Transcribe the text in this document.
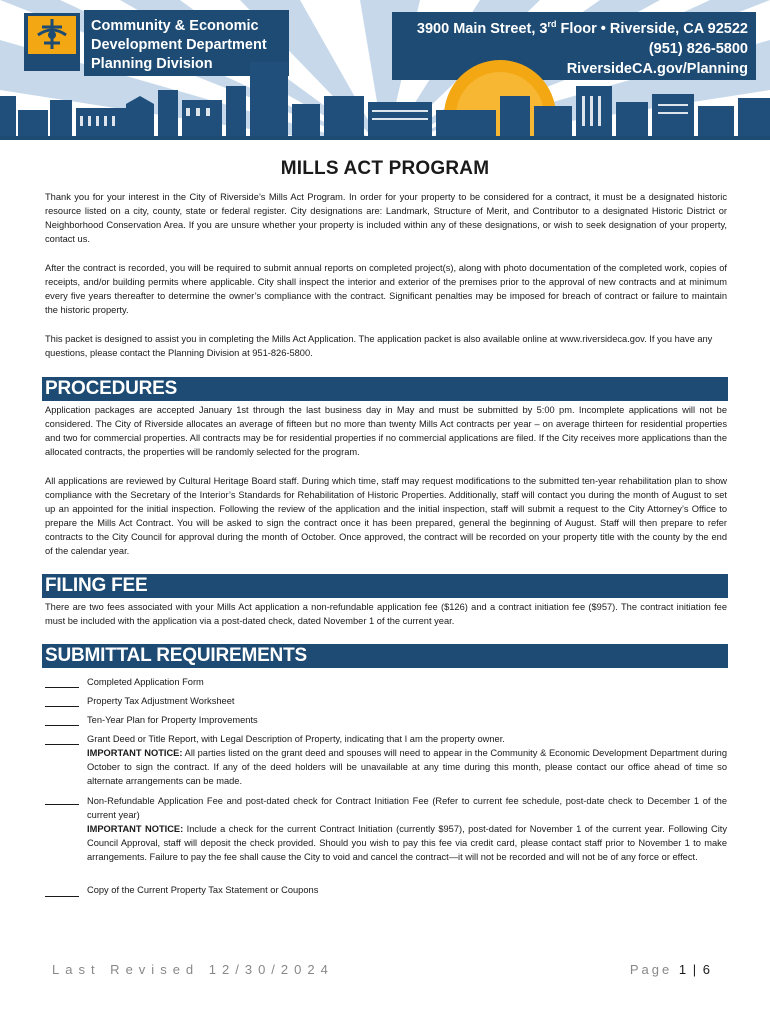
Community & Economic
Development Department
Planning Division
3900 Main Street, 3rd Floor • Riverside, CA 92522
(951) 826-5800
RiversideCA.gov/Planning
MILLS ACT PROGRAM
Thank you for your interest in the City of Riverside’s Mills Act Program. In order for your property to be considered for a contract, it must be a designated historic resource listed on a city, county, state or federal register. City designations are: Landmark, Structure of Merit, and Contributor to a designated Historic District or Neighborhood Conservation Area. If you are unsure whether your property is included within any of these designations, or wish to seek designation of your property, contact us.
After the contract is recorded, you will be required to submit annual reports on completed project(s), along with photo documentation of the completed work, copies of receipts, and/or building permits where applicable. City shall inspect the interior and exterior of the premises prior to the approval of new contracts and at minimum every five years thereafter to determine the owner’s compliance with the contract. Significant penalties may be imposed for breach of contract or failure to maintain the historic property.
This packet is designed to assist you in completing the Mills Act Application. The application packet is also available online at www.riversideca.gov. If you have any questions, please contact the Planning Division at 951-826-5800.
PROCEDURES
Application packages are accepted January 1st through the last business day in May and must be submitted by 5:00 pm. Incomplete applications will not be considered. The City of Riverside allocates an average of fifteen but no more than twenty Mills Act contracts per year – on average thirteen for residential properties and two for commercial properties. All contracts may be for residential properties if no commercial applications are filed. If the City receives more applications than the allocated contracts, the properties will be randomly selected for the program.
All applications are reviewed by Cultural Heritage Board staff. During which time, staff may request modifications to the submitted ten-year rehabilitation plan to show compliance with the Secretary of the Interior’s Standards for Rehabilitation of Historic Properties. Additionally, staff will contact you during the month of August to set up an appointed for the initial inspection. Following the review of the application and the initial inspection, staff will submit a request to the City Attorney’s Office to prepare the Mills Act Contract. You will be asked to sign the contract once it has been prepared, general the beginning of August. Staff will then prepare to refer contracts to the City Council for approval during the month of October. Once approved, the contract will be recorded on your property title with the county by the end of the calendar year.
FILING FEE
There are two fees associated with your Mills Act application a non-refundable application fee ($126) and a contract initiation fee ($957). The contract initiation fee must be included with the application via a post-dated check, dated November 1 of the current year.
SUBMITTAL REQUIREMENTS
Completed Application Form
Property Tax Adjustment Worksheet
Ten-Year Plan for Property Improvements
Grant Deed or Title Report, with Legal Description of Property, indicating that I am the property owner.
IMPORTANT NOTICE: All parties listed on the grant deed and spouses will need to appear in the Community & Economic Development Department during October to sign the contract. If any of the deed holders will be unavailable at any time during this month, please contact our office ahead of time so alternate arrangements can be made.
Non-Refundable Application Fee and post-dated check for Contract Initiation Fee (Refer to current fee schedule, post-date check to December 1 of the current year)
IMPORTANT NOTICE: Include a check for the current Contract Initiation (currently $957), post-dated for November 1 of the current year. Following City Council Approval, staff will deposit the check provided. Should you wish to pay this fee via credit card, please contact staff prior to November 1 to make arrangements. Failure to pay the fee shall cause the City to void and cancel the contract—it will not be recorded and will not be of any force or effect.
Copy of the Current Property Tax Statement or Coupons
Last Revised 12/30/2024	Page 1 | 6
